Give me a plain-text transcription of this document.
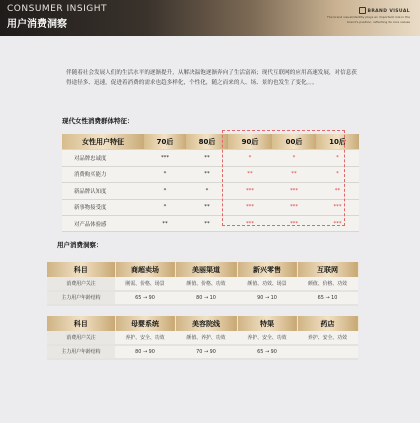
CONSUMER INSIGHT
用户消费洞察
BRAND VISUAL
The brand visual/identity plays an important role in the
brand's position, reflecting its core values
伴随着社会发展人们的生活水平的逐渐提升，从解决温饱逐渐奔向了生活富裕；现代互联网的应用高速发展，对信息获得途径多、迅速，促进着消费的需求也趋多样化，个性化，随之而来的人、场、景的也发生了变化。。。
现代女性消费群体特征：
女性用户特征	70后	80后	90后	00后	10后
对品牌忠诚度	***	**	*	*	*
消费购买能力	*	**	**	**	*
新品牌认知度	*	*	***	***	**
新事物接受度	*	**	***	***	***
对产品体验感	**	**	***	***	***
用户消费洞察：
科目	商超卖场	美丽渠道	新兴零售	互联网
消费用户关注	刚需、价格、场景	颜值、价格、功效	颜值、功效、场景	颜值、价格、功效
主力用户年龄结构	65 → 90	80 → 10	90 → 10	65 → 10
科目	母婴系统	美容院线	特渠	药店
消费用户关注	养护、安全、功效	颜值、养护、功效	养护、安全、功效	养护、安全、功效
主力用户年龄结构	80 → 90	70 → 90	65 → 90	
